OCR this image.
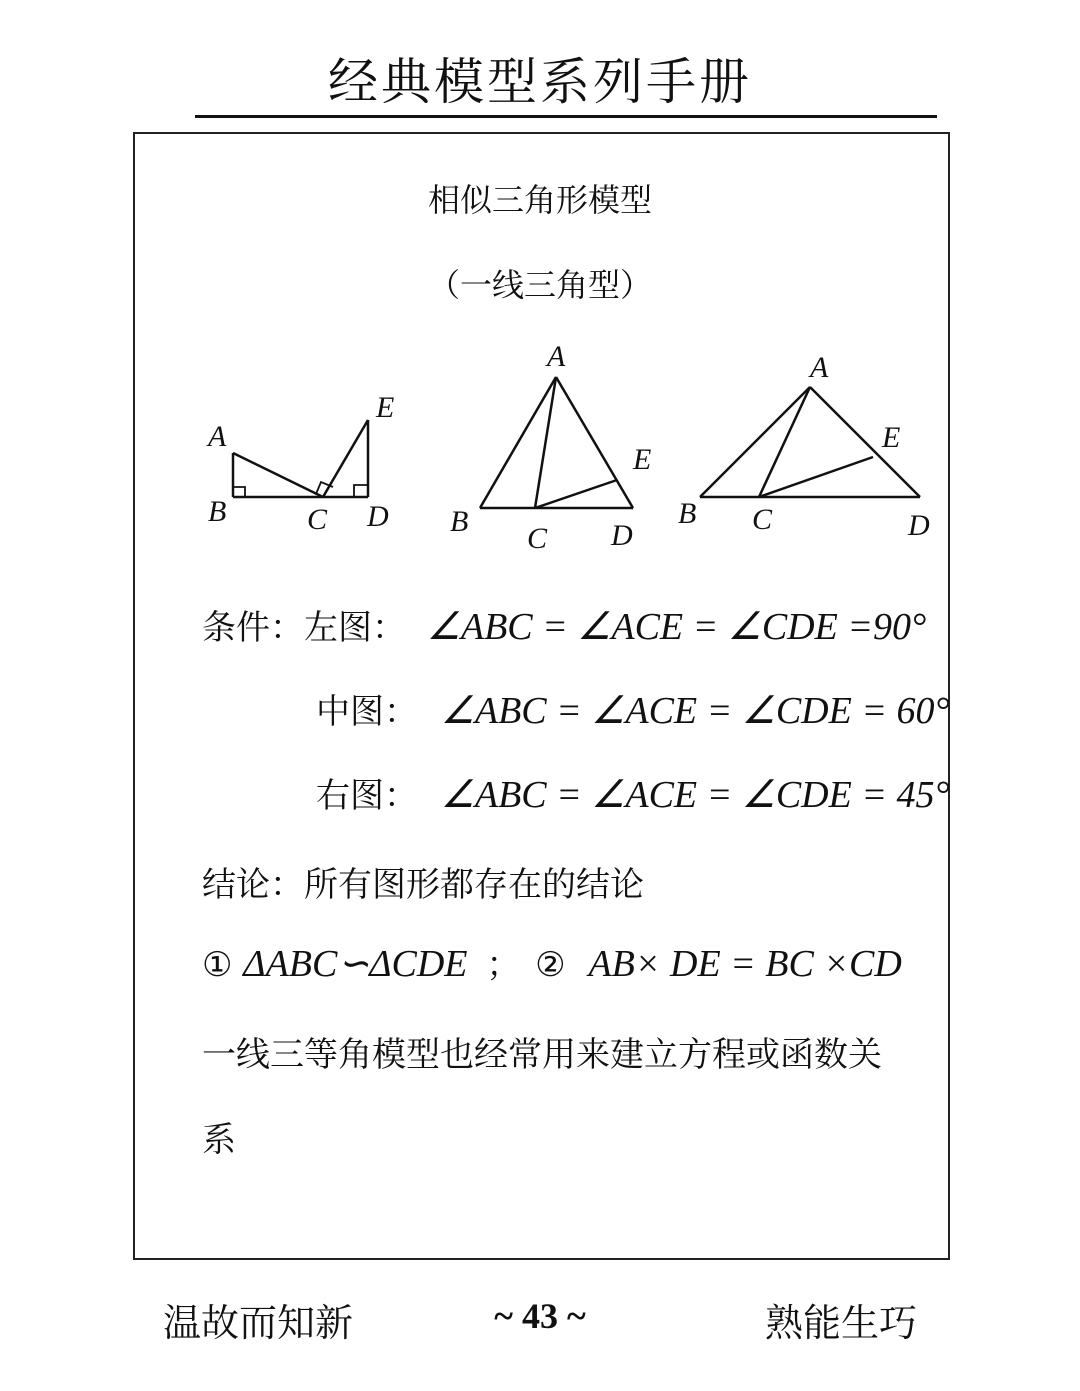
经典模型系列手册
相似三角形模型
（一线三角型）
A
B	C D
E
A
B
C D
E
A
B C	D
E
条件：左图： ∠ABC = ∠ACE = ∠CDE =90°
中图： ∠ABC = ∠ACE = ∠CDE = 60°
右图： ∠ABC = ∠ACE = ∠CDE = 45°
结论：所有图形都存在的结论
① ΔABC∽ΔCDE ； ② AB× DE = BC ×CD
一线三等角模型也经常用来建立方程或函数关
系
温故而知新	~ 43 ~	熟能生巧
